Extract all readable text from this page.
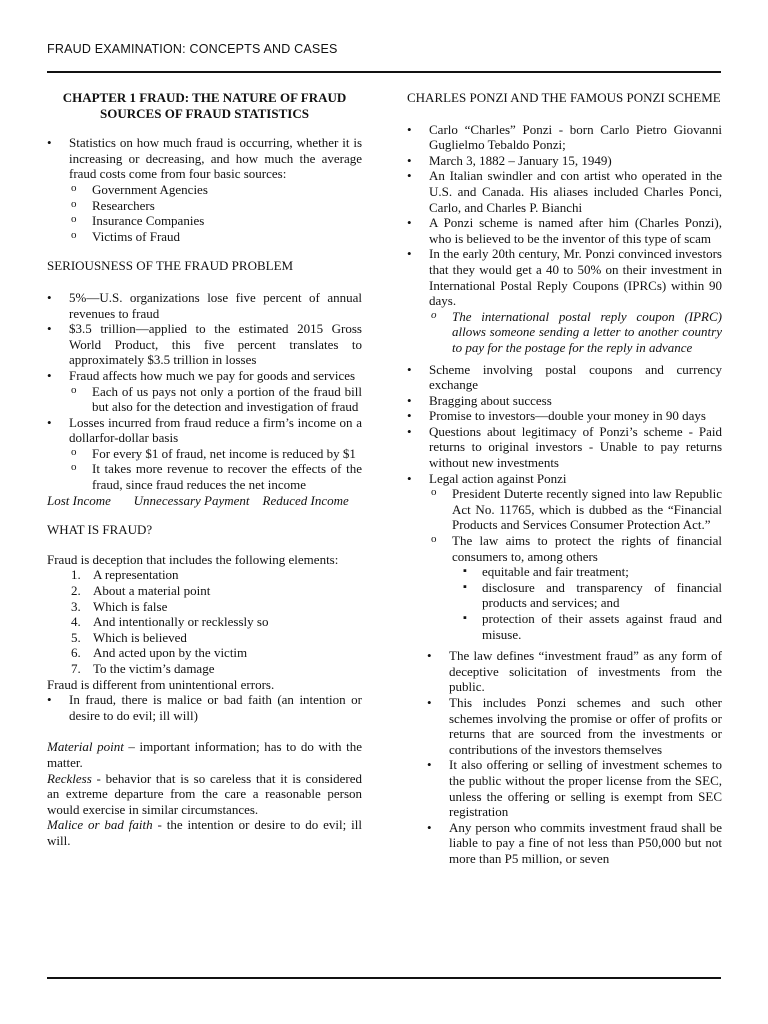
FRAUD EXAMINATION: CONCEPTS AND CASES

CHAPTER 1 FRAUD: THE NATURE OF FRAUD SOURCES OF FRAUD STATISTICS

• Statistics on how much fraud is occurring, whether it is increasing or decreasing, and how much the average fraud costs come from four basic sources:
o Government Agencies
o Researchers
o Insurance Companies
o Victims of Fraud

SERIOUSNESS OF THE FRAUD PROBLEM

• 5%—U.S. organizations lose five percent of annual revenues to fraud
• $3.5 trillion—applied to the estimated 2015 Gross World Product, this five percent translates to approximately $3.5 trillion in losses
• Fraud affects how much we pay for goods and services
o Each of us pays not only a portion of the fraud bill but also for the detection and investigation of fraud
• Losses incurred from fraud reduce a firm’s income on a dollarfor-dollar basis
o For every $1 of fraud, net income is reduced by $1
o It takes more revenue to recover the effects of the fraud, since fraud reduces the net income

Lost Income       Unnecessary Payment    Reduced Income

WHAT IS FRAUD?

Fraud is deception that includes the following elements:

1. A representation
2. About a material point
3. Which is false
4. And intentionally or recklessly so
5. Which is believed
6. And acted upon by the victim
7. To the victim’s damage

Fraud is different from unintentional errors.

• In fraud, there is malice or bad faith (an intention or desire to do evil; ill will)

Material point – important information; has to do with the matter.

Reckless - behavior that is so careless that it is considered an extreme departure from the care a reasonable person would exercise in similar circumstances.

Malice or bad faith - the intention or desire to do evil; ill will.

CHARLES PONZI AND THE FAMOUS PONZI SCHEME

• Carlo “Charles” Ponzi - born Carlo Pietro Giovanni Guglielmo Tebaldo Ponzi;
• March 3, 1882 – January 15, 1949)
• An Italian swindler and con artist who operated in the U.S. and Canada. His aliases included Charles Ponci, Carlo, and Charles P. Bianchi
• A Ponzi scheme is named after him (Charles Ponzi), who is believed to be the inventor of this type of scam
• In the early 20th century, Mr. Ponzi convinced investors that they would get a 40 to 50% on their investment in International Postal Reply Coupons (IPRCs) within 90 days.
o The international postal reply coupon (IPRC) allows someone sending a letter to another country to pay for the postage for the reply in advance
• Scheme involving postal coupons and currency exchange
• Bragging about success
• Promise to investors—double your money in 90 days
• Questions about legitimacy of Ponzi’s scheme - Paid returns to original investors - Unable to pay returns without new investments
• Legal action against Ponzi
o President Duterte recently signed into law Republic Act No. 11765, which is dubbed as the “Financial Products and Services Consumer Protection Act.”
o The law aims to protect the rights of financial consumers to, among others
▪ equitable and fair treatment;
▪ disclosure and transparency of financial products and services; and
▪ protection of their assets against fraud and misuse.
• The law defines “investment fraud” as any form of deceptive solicitation of investments from the public.
• This includes Ponzi schemes and such other schemes involving the promise or offer of profits or returns that are sourced from the investments or contributions of the investors themselves
• It also offering or selling of investment schemes to the public without the proper license from the SEC, unless the offering or selling is exempt from SEC registration
• Any person who commits investment fraud shall be liable to pay a fine of not less than P50,000 but not more than P5 million, or seven
